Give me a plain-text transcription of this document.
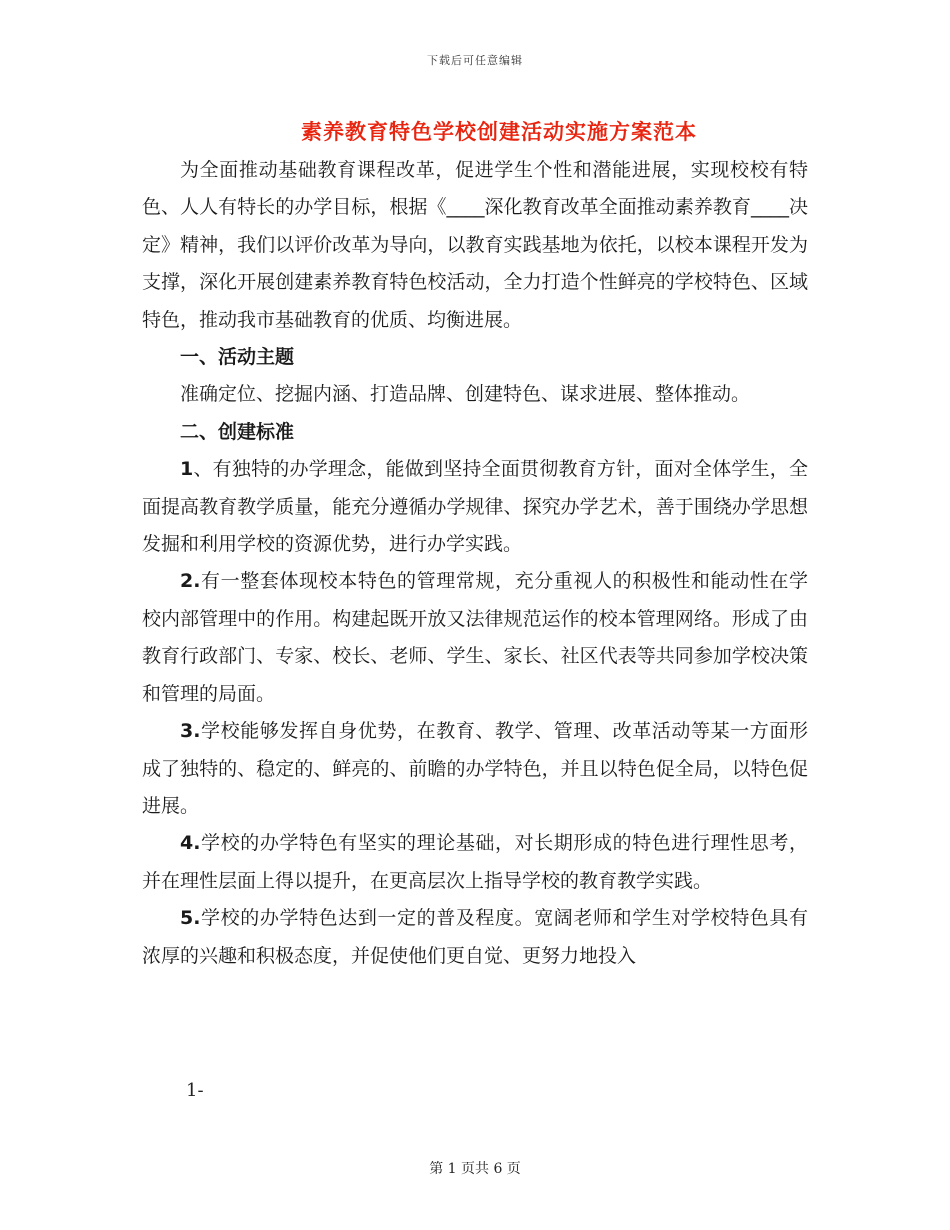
下载后可任意编辑
素养教育特色学校创建活动实施方案范本

为全面推动基础教育课程改革，促进学生个性和潜能进展，实现校校有特色、人人有特长的办学目标，根据《____深化教育改革全面推动素养教育____决定》精神，我们以评价改革为导向，以教育实践基地为依托，以校本课程开发为支撑，深化开展创建素养教育特色校活动，全力打造个性鲜亮的学校特色、区域特色，推动我市基础教育的优质、均衡进展。

一、活动主题

准确定位、挖掘内涵、打造品牌、创建特色、谋求进展、整体推动。

二、创建标准

1、有独特的办学理念，能做到坚持全面贯彻教育方针，面对全体学生，全面提高教育教学质量，能充分遵循办学规律、探究办学艺术，善于围绕办学思想发掘和利用学校的资源优势，进行办学实践。

2.有一整套体现校本特色的管理常规，充分重视人的积极性和能动性在学校内部管理中的作用。构建起既开放又法律规范运作的校本管理网络。形成了由教育行政部门、专家、校长、老师、学生、家长、社区代表等共同参加学校决策和管理的局面。

3.学校能够发挥自身优势，在教育、教学、管理、改革活动等某一方面形成了独特的、稳定的、鲜亮的、前瞻的办学特色，并且以特色促全局，以特色促进展。

4.学校的办学特色有坚实的理论基础，对长期形成的特色进行理性思考，并在理性层面上得以提升，在更高层次上指导学校的教育教学实践。

5.学校的办学特色达到一定的普及程度。宽阔老师和学生对学校特色具有浓厚的兴趣和积极态度，并促使他们更自觉、更努力地投入

1-
第 1 页共 6 页
